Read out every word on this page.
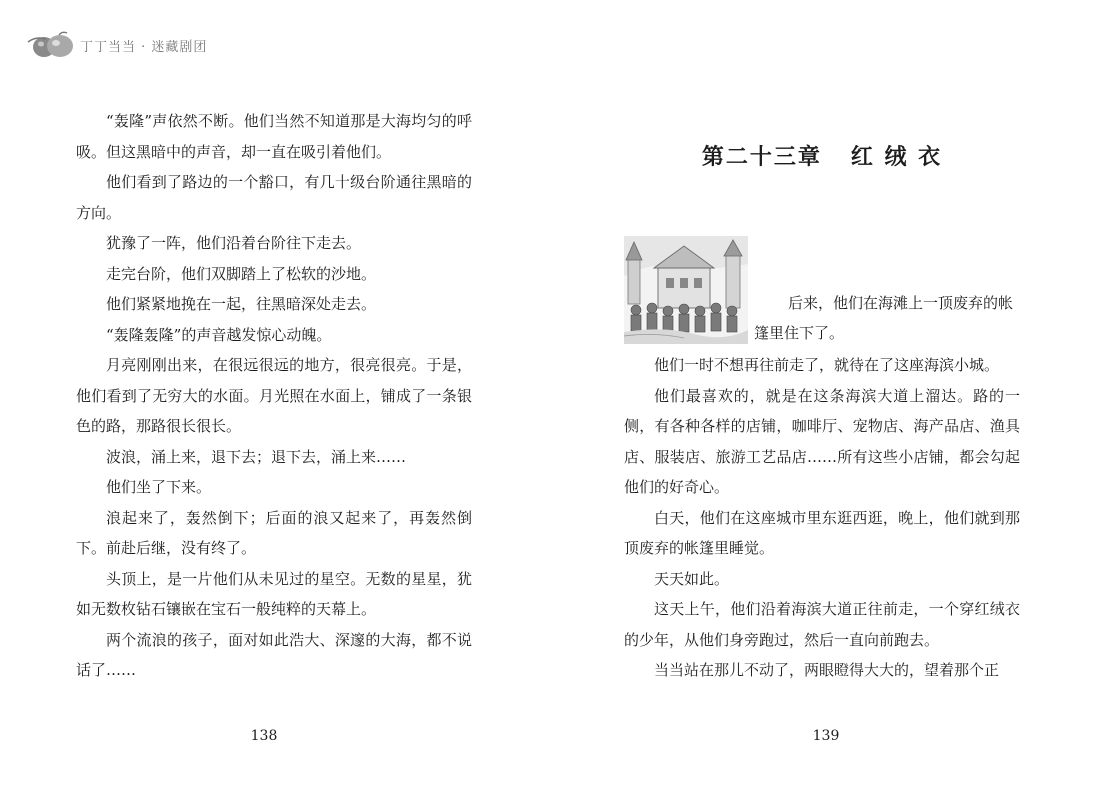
丁丁当当 · 迷藏剧团

“轰隆”声依然不断。他们当然不知道那是大海均匀的呼吸。但这黑暗中的声音，却一直在吸引着他们。

他们看到了路边的一个豁口，有几十级台阶通往黑暗的方向。

犹豫了一阵，他们沿着台阶往下走去。

走完台阶，他们双脚踏上了松软的沙地。

他们紧紧地挽在一起，往黑暗深处走去。

“轰隆轰隆”的声音越发惊心动魄。

月亮刚刚出来，在很远很远的地方，很亮很亮。于是，他们看到了无穷大的水面。月光照在水面上，铺成了一条银色的路，那路很长很长。

波浪，涌上来，退下去；退下去，涌上来……

他们坐了下来。

浪起来了，轰然倒下；后面的浪又起来了，再轰然倒下。前赴后继，没有终了。

头顶上，是一片他们从未见过的星空。无数的星星，犹如无数枚钻石镶嵌在宝石一般纯粹的天幕上。

两个流浪的孩子，面对如此浩大、深邃的大海，都不说话了……

138

第二十三章   红 绒 衣

后来，他们在海滩上一顶废弃的帐

篷里住下了。

他们一时不想再往前走了，就待在了这座海滨小城。

他们最喜欢的，就是在这条海滨大道上溜达。路的一侧，有各种各样的店铺，咖啡厅、宠物店、海产品店、渔具店、服装店、旅游工艺品店……所有这些小店铺，都会勾起他们的好奇心。

白天，他们在这座城市里东逛西逛，晚上，他们就到那顶废弃的帐篷里睡觉。

天天如此。

这天上午，他们沿着海滨大道正往前走，一个穿红绒衣的少年，从他们身旁跑过，然后一直向前跑去。

当当站在那儿不动了，两眼瞪得大大的，望着那个正

139
